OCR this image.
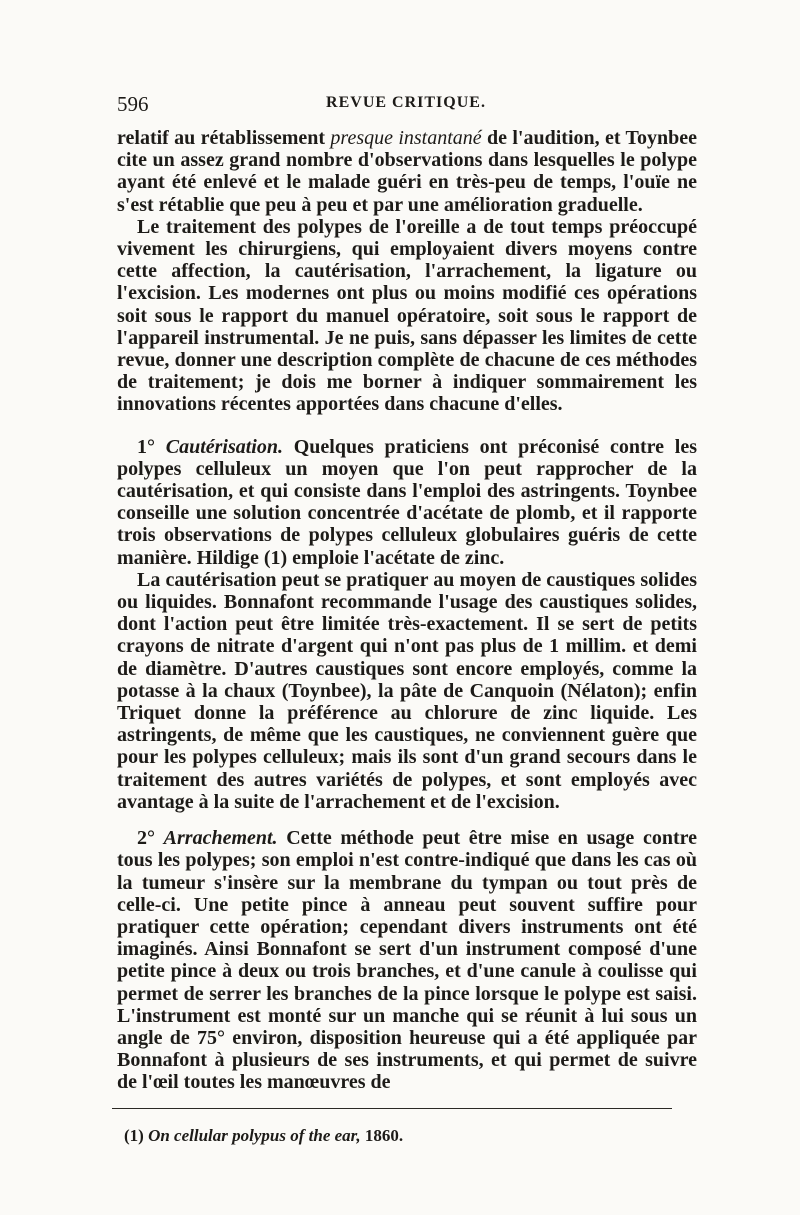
596	REVUE CRITIQUE.

relatif au rétablissement presque instantané de l'audition, et Toynbee cite un assez grand nombre d'observations dans lesquelles le polype ayant été enlevé et le malade guéri en très-peu de temps, l'ouïe ne s'est rétablie que peu à peu et par une amélioration graduelle.

Le traitement des polypes de l'oreille a de tout temps préoccupé vivement les chirurgiens, qui employaient divers moyens contre cette affection, la cautérisation, l'arrachement, la ligature ou l'excision. Les modernes ont plus ou moins modifié ces opérations soit sous le rapport du manuel opératoire, soit sous le rapport de l'appareil instrumental. Je ne puis, sans dépasser les limites de cette revue, donner une description complète de chacune de ces méthodes de traitement; je dois me borner à indiquer sommairement les innovations récentes apportées dans chacune d'elles.

1° Cautérisation. Quelques praticiens ont préconisé contre les polypes celluleux un moyen que l'on peut rapprocher de la cautérisation, et qui consiste dans l'emploi des astringents. Toynbee conseille une solution concentrée d'acétate de plomb, et il rapporte trois observations de polypes celluleux globulaires guéris de cette manière. Hildige (1) emploie l'acétate de zinc.

La cautérisation peut se pratiquer au moyen de caustiques solides ou liquides. Bonnafont recommande l'usage des caustiques solides, dont l'action peut être limitée très-exactement. Il se sert de petits crayons de nitrate d'argent qui n'ont pas plus de 1 millim. et demi de diamètre. D'autres caustiques sont encore employés, comme la potasse à la chaux (Toynbee), la pâte de Canquoin (Nélaton); enfin Triquet donne la préférence au chlorure de zinc liquide. Les astringents, de même que les caustiques, ne conviennent guère que pour les polypes celluleux; mais ils sont d'un grand secours dans le traitement des autres variétés de polypes, et sont employés avec avantage à la suite de l'arrachement et de l'excision.

2° Arrachement. Cette méthode peut être mise en usage contre tous les polypes; son emploi n'est contre-indiqué que dans les cas où la tumeur s'insère sur la membrane du tympan ou tout près de celle-ci. Une petite pince à anneau peut souvent suffire pour pratiquer cette opération; cependant divers instruments ont été imaginés. Ainsi Bonnafont se sert d'un instrument composé d'une petite pince à deux ou trois branches, et d'une canule à coulisse qui permet de serrer les branches de la pince lorsque le polype est saisi. L'instrument est monté sur un manche qui se réunit à lui sous un angle de 75° environ, disposition heureuse qui a été appliquée par Bonnafont à plusieurs de ses instruments, et qui permet de suivre de l'œil toutes les manœuvres de

(1) On cellular polypus of the ear, 1860.
